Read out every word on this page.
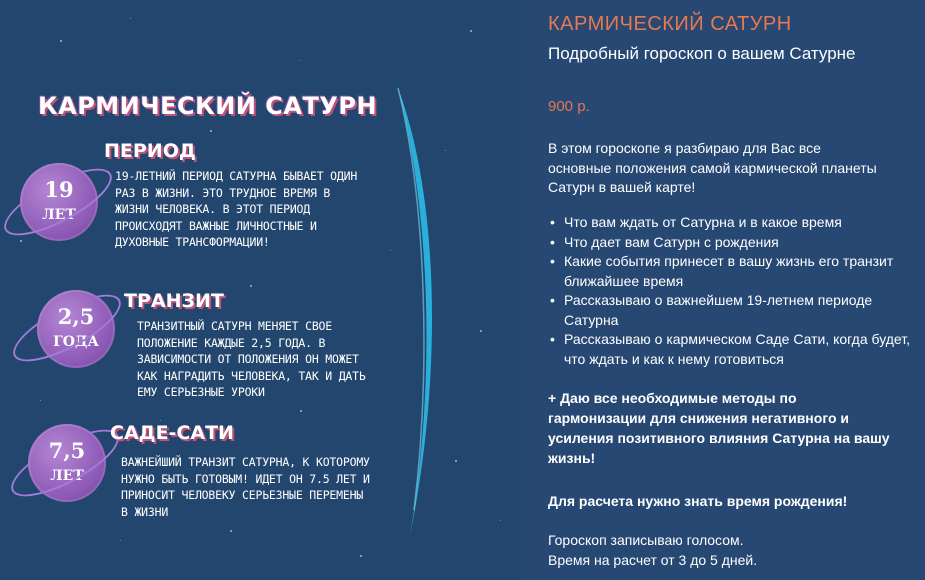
КАРМИЧЕСКИЙ САТУРН
19
ЛЕТ
ПЕРИОД
19-ЛЕТНИЙ ПЕРИОД САТУРНА БЫВАЕТ ОДИН РАЗ В ЖИЗНИ. ЭТО ТРУДНОЕ ВРЕМЯ В ЖИЗНИ ЧЕЛОВЕКА. В ЭТОТ ПЕРИОД ПРОИСХОДЯТ ВАЖНЫЕ ЛИЧНОСТНЫЕ И ДУХОВНЫЕ ТРАНСФОРМАЦИИ!
2,5
ГОДА
ТРАНЗИТ
ТРАНЗИТНЫЙ САТУРН МЕНЯЕТ СВОЕ ПОЛОЖЕНИЕ КАЖДЫЕ 2,5 ГОДА. В ЗАВИСИМОСТИ ОТ ПОЛОЖЕНИЯ ОН МОЖЕТ КАК НАГРАДИТЬ ЧЕЛОВЕКА, ТАК И ДАТЬ ЕМУ СЕРЬЕЗНЫЕ УРОКИ
7,5
ЛЕТ
САДЕ-САТИ
ВАЖНЕЙШИЙ ТРАНЗИТ САТУРНА, К КОТОРОМУ НУЖНО БЫТЬ ГОТОВЫМ! ИДЕТ ОН 7.5 ЛЕТ И ПРИНОСИТ ЧЕЛОВЕКУ СЕРЬЕЗНЫЕ ПЕРЕМЕНЫ В ЖИЗНИ
КАРМИЧЕСКИЙ САТУРН
Подробный гороскоп о вашем Сатурне
900 р.
В этом гороскопе я разбираю для Вас все основные положения самой кармической планеты Сатурн в вашей карте!
• Что вам ждать от Сатурна и в какое время
• Что дает вам Сатурн с рождения
• Какие события принесет в вашу жизнь его транзит ближайшее время
• Рассказываю о важнейшем 19-летнем периоде Сатурна
• Рассказываю о кармическом Саде Сати, когда будет, что ждать и как к нему готовиться
+ Даю все необходимые методы по гармонизации для снижения негативного и усиления позитивного влияния Сатурна на вашу жизнь!
Для расчета нужно знать время рождения!
Гороскоп записываю голосом.
Время на расчет от 3 до 5 дней.
